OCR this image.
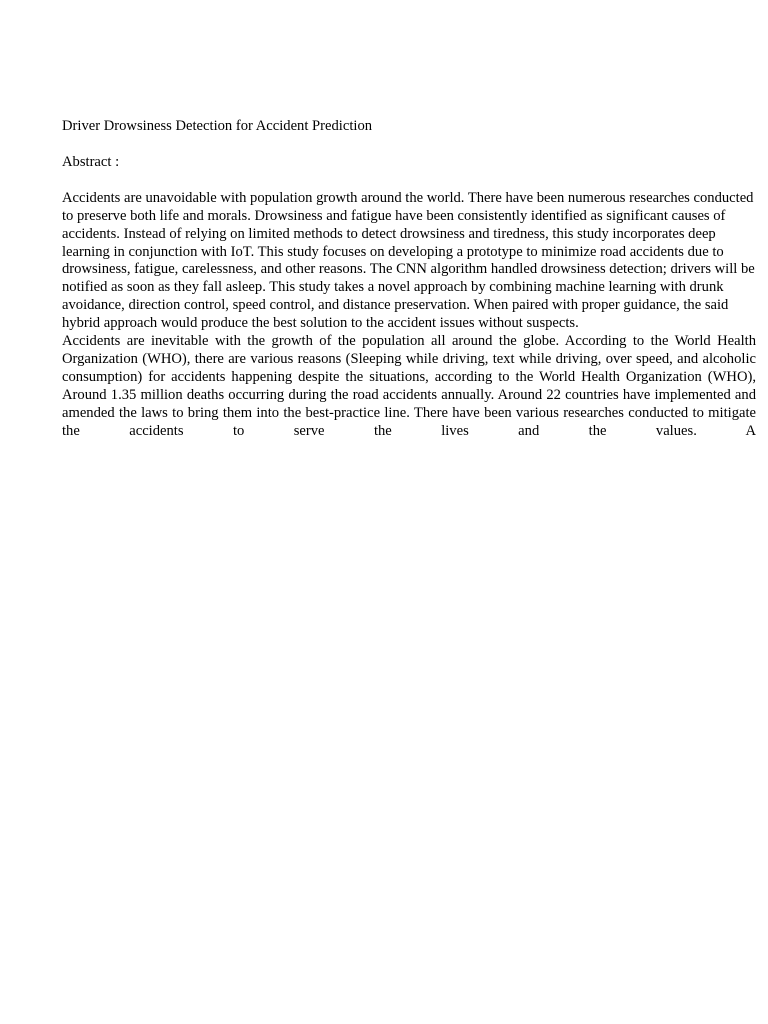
Driver Drowsiness Detection for Accident Prediction

Abstract :

Accidents are unavoidable with population growth around the world. There have been numerous researches conducted to preserve both life and morals. Drowsiness and fatigue have been consistently identified as significant causes of accidents. Instead of relying on limited methods to detect drowsiness and tiredness, this study incorporates deep learning in conjunction with IoT. This study focuses on developing a prototype to minimize road accidents due to drowsiness, fatigue, carelessness, and other reasons. The CNN algorithm handled drowsiness detection; drivers will be notified as soon as they fall asleep. This study takes a novel approach by combining machine learning with drunk avoidance, direction control, speed control, and distance preservation. When paired with proper guidance, the said hybrid approach would produce the best solution to the accident issues without suspects.

Accidents are inevitable with the growth of the population all around the globe. According to the World Health Organization (WHO), there are various reasons (Sleeping while driving, text while driving, over speed, and alcoholic consumption) for accidents happening despite the situations, according to the World Health Organization (WHO), Around 1.35 million deaths occurring during the road accidents annually. Around 22 countries have implemented and amended the laws to bring them into the best-practice line. There have been various researches conducted to mitigate the accidents to serve the lives and the values. A
